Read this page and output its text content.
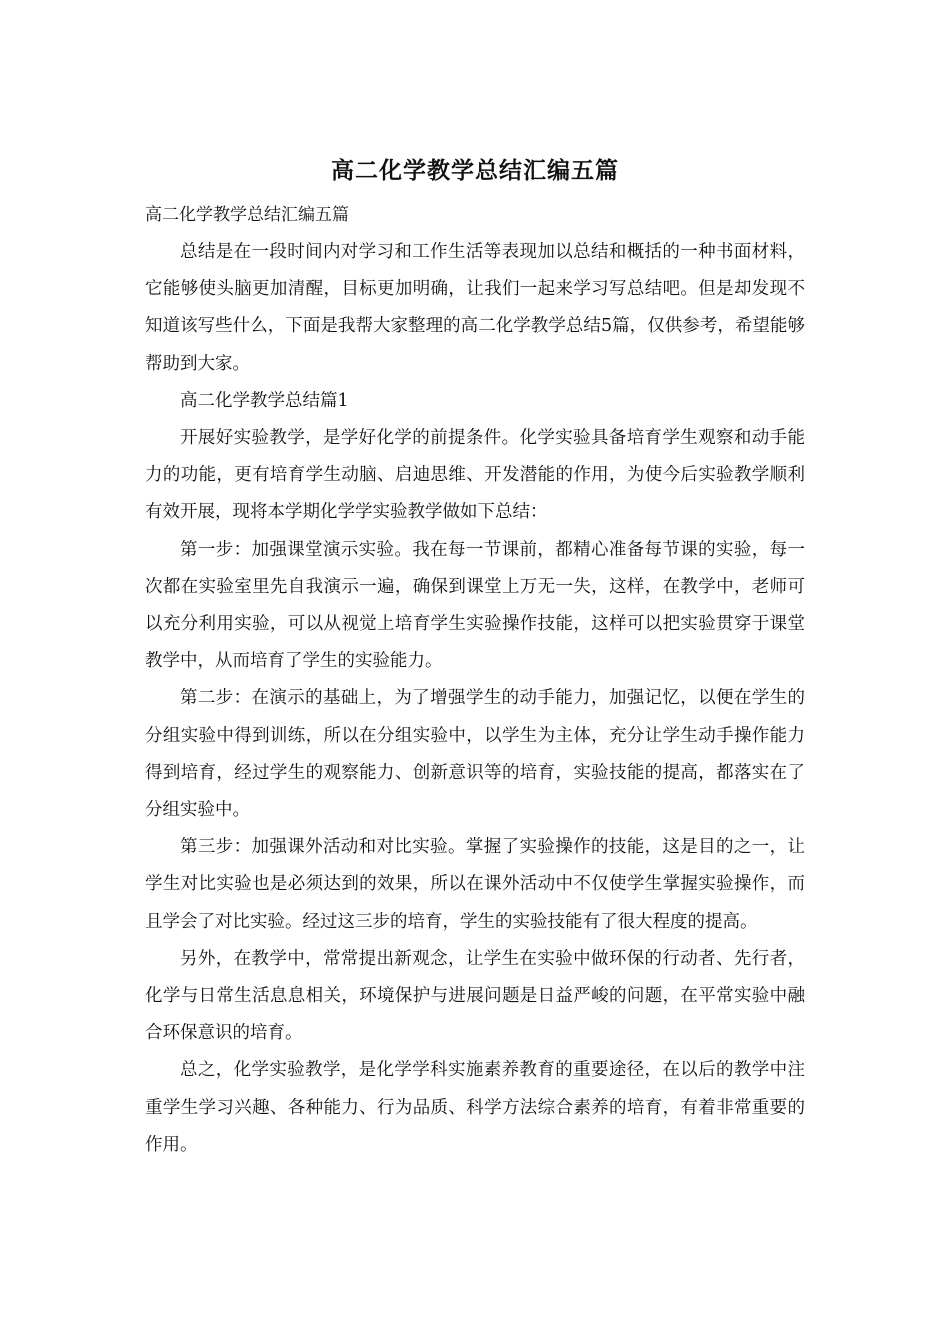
高二化学教学总结汇编五篇
高二化学教学总结汇编五篇

总结是在一段时间内对学习和工作生活等表现加以总结和概括的一种书面材料，它能够使头脑更加清醒，目标更加明确，让我们一起来学习写总结吧。但是却发现不知道该写些什么，下面是我帮大家整理的高二化学教学总结5篇，仅供参考，希望能够帮助到大家。

高二化学教学总结篇1

开展好实验教学，是学好化学的前提条件。化学实验具备培育学生观察和动手能力的功能，更有培育学生动脑、启迪思维、开发潜能的作用，为使今后实验教学顺利有效开展，现将本学期化学学实验教学做如下总结：

第一步：加强课堂演示实验。我在每一节课前，都精心准备每节课的实验，每一次都在实验室里先自我演示一遍，确保到课堂上万无一失，这样，在教学中，老师可以充分利用实验，可以从视觉上培育学生实验操作技能，这样可以把实验贯穿于课堂教学中，从而培育了学生的实验能力。

第二步：在演示的基础上，为了增强学生的动手能力，加强记忆，以便在学生的分组实验中得到训练，所以在分组实验中，以学生为主体，充分让学生动手操作能力得到培育，经过学生的观察能力、创新意识等的培育，实验技能的提高，都落实在了分组实验中。

第三步：加强课外活动和对比实验。掌握了实验操作的技能，这是目的之一，让学生对比实验也是必须达到的效果，所以在课外活动中不仅使学生掌握实验操作，而且学会了对比实验。经过这三步的培育，学生的实验技能有了很大程度的提高。

另外，在教学中，常常提出新观念，让学生在实验中做环保的行动者、先行者，化学与日常生活息息相关，环境保护与进展问题是日益严峻的问题，在平常实验中融合环保意识的培育。

总之，化学实验教学，是化学学科实施素养教育的重要途径，在以后的教学中注重学生学习兴趣、各种能力、行为品质、科学方法综合素养的培育，有着非常重要的作用。
